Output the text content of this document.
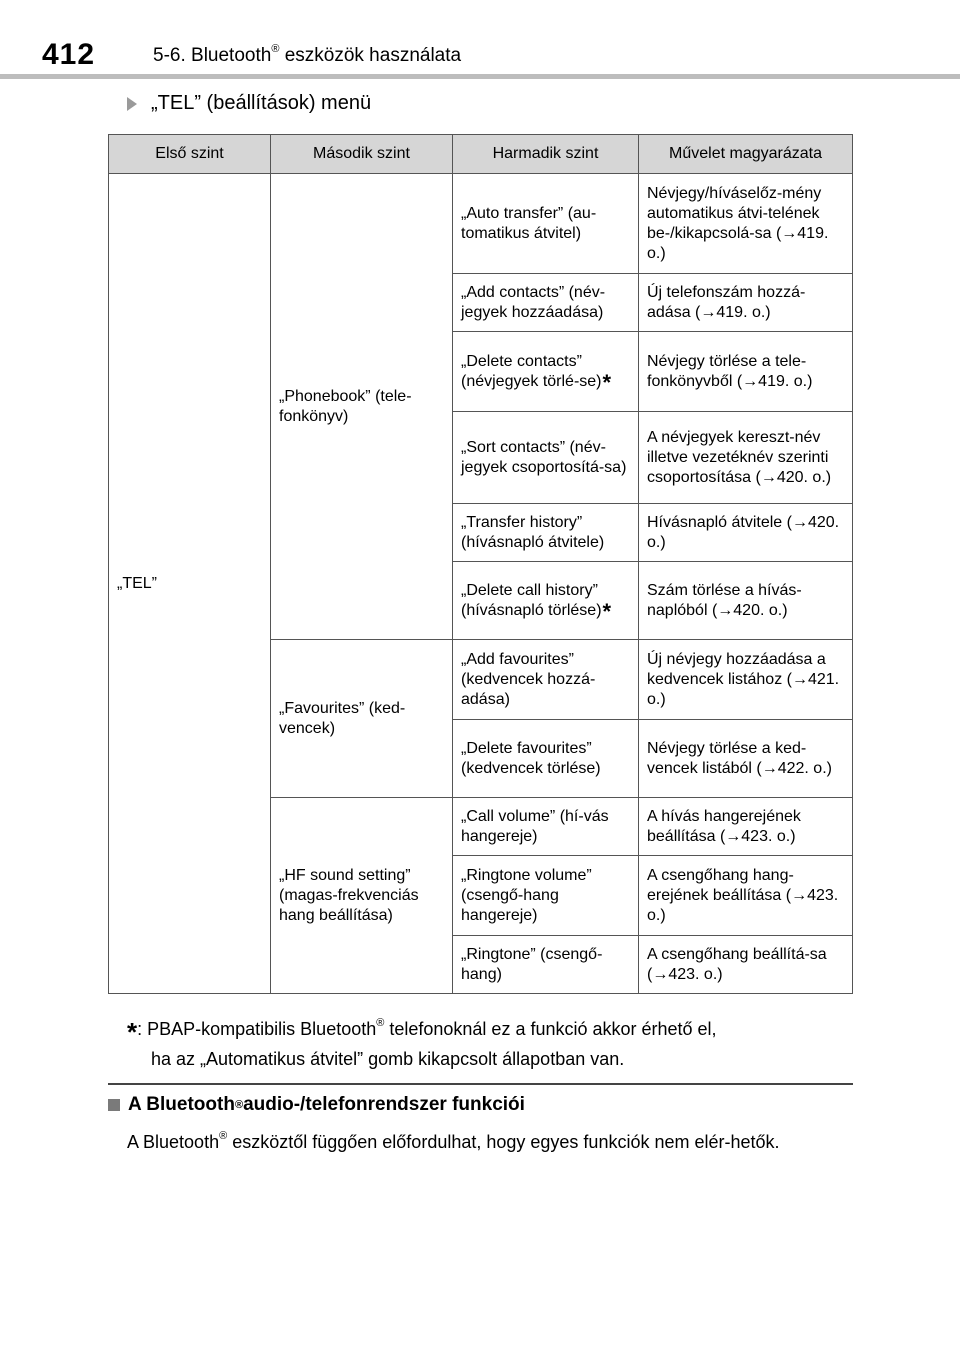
412	5-6. Bluetooth® eszközök használata
„TEL” (beállítások) menü
Első szint	Második szint	Harmadik szint	Művelet magyarázata
„TEL”	„Phonebook” (tele-fonkönyv)	„Auto transfer” (au-tomatikus átvitel)	Névjegy/híváselőz-mény automatikus átvi-telének be-/kikapcsolá-sa (→419. o.)
		„Add contacts” (név-jegyek hozzáadása)	Új telefonszám hozzá-adása (→419. o.)
		„Delete contacts” (névjegyek törlé-se)*	Névjegy törlése a tele-fonkönyvből (→419. o.)
		„Sort contacts” (név-jegyek csoportosítá-sa)	A névjegyek kereszt-név illetve vezetéknév szerinti csoportosítása (→420. o.)
		„Transfer history” (hívásnapló átvitele)	Hívásnapló átvitele (→420. o.)
		„Delete call history” (hívásnapló törlése)*	Szám törlése a hívás-naplóból (→420. o.)
	„Favourites” (ked-vencek)	„Add favourites” (kedvencek hozzá-adása)	Új névjegy hozzáadása a kedvencek listához (→421. o.)
		„Delete favourites” (kedvencek törlése)	Névjegy törlése a ked-vencek listából (→422. o.)
	„HF sound setting” (magas-frekvenciás hang beállítása)	„Call volume” (hí-vás hangereje)	A hívás hangerejének beállítása (→423. o.)
		„Ringtone volume” (csengő-hang hangereje)	A csengőhang hang-erejének beállítása (→423. o.)
		„Ringtone” (csengő-hang)	A csengőhang beállítá-sa (→423. o.)
*: PBAP-kompatibilis Bluetooth® telefonoknál ez a funkció akkor érhető el,
ha az „Automatikus átvitel” gomb kikapcsolt állapotban van.
A Bluetooth ® audio-/telefonrendszer funkciói
A Bluetooth® eszköztől függően előfordulhat, hogy egyes funkciók nem elér-hetők.
